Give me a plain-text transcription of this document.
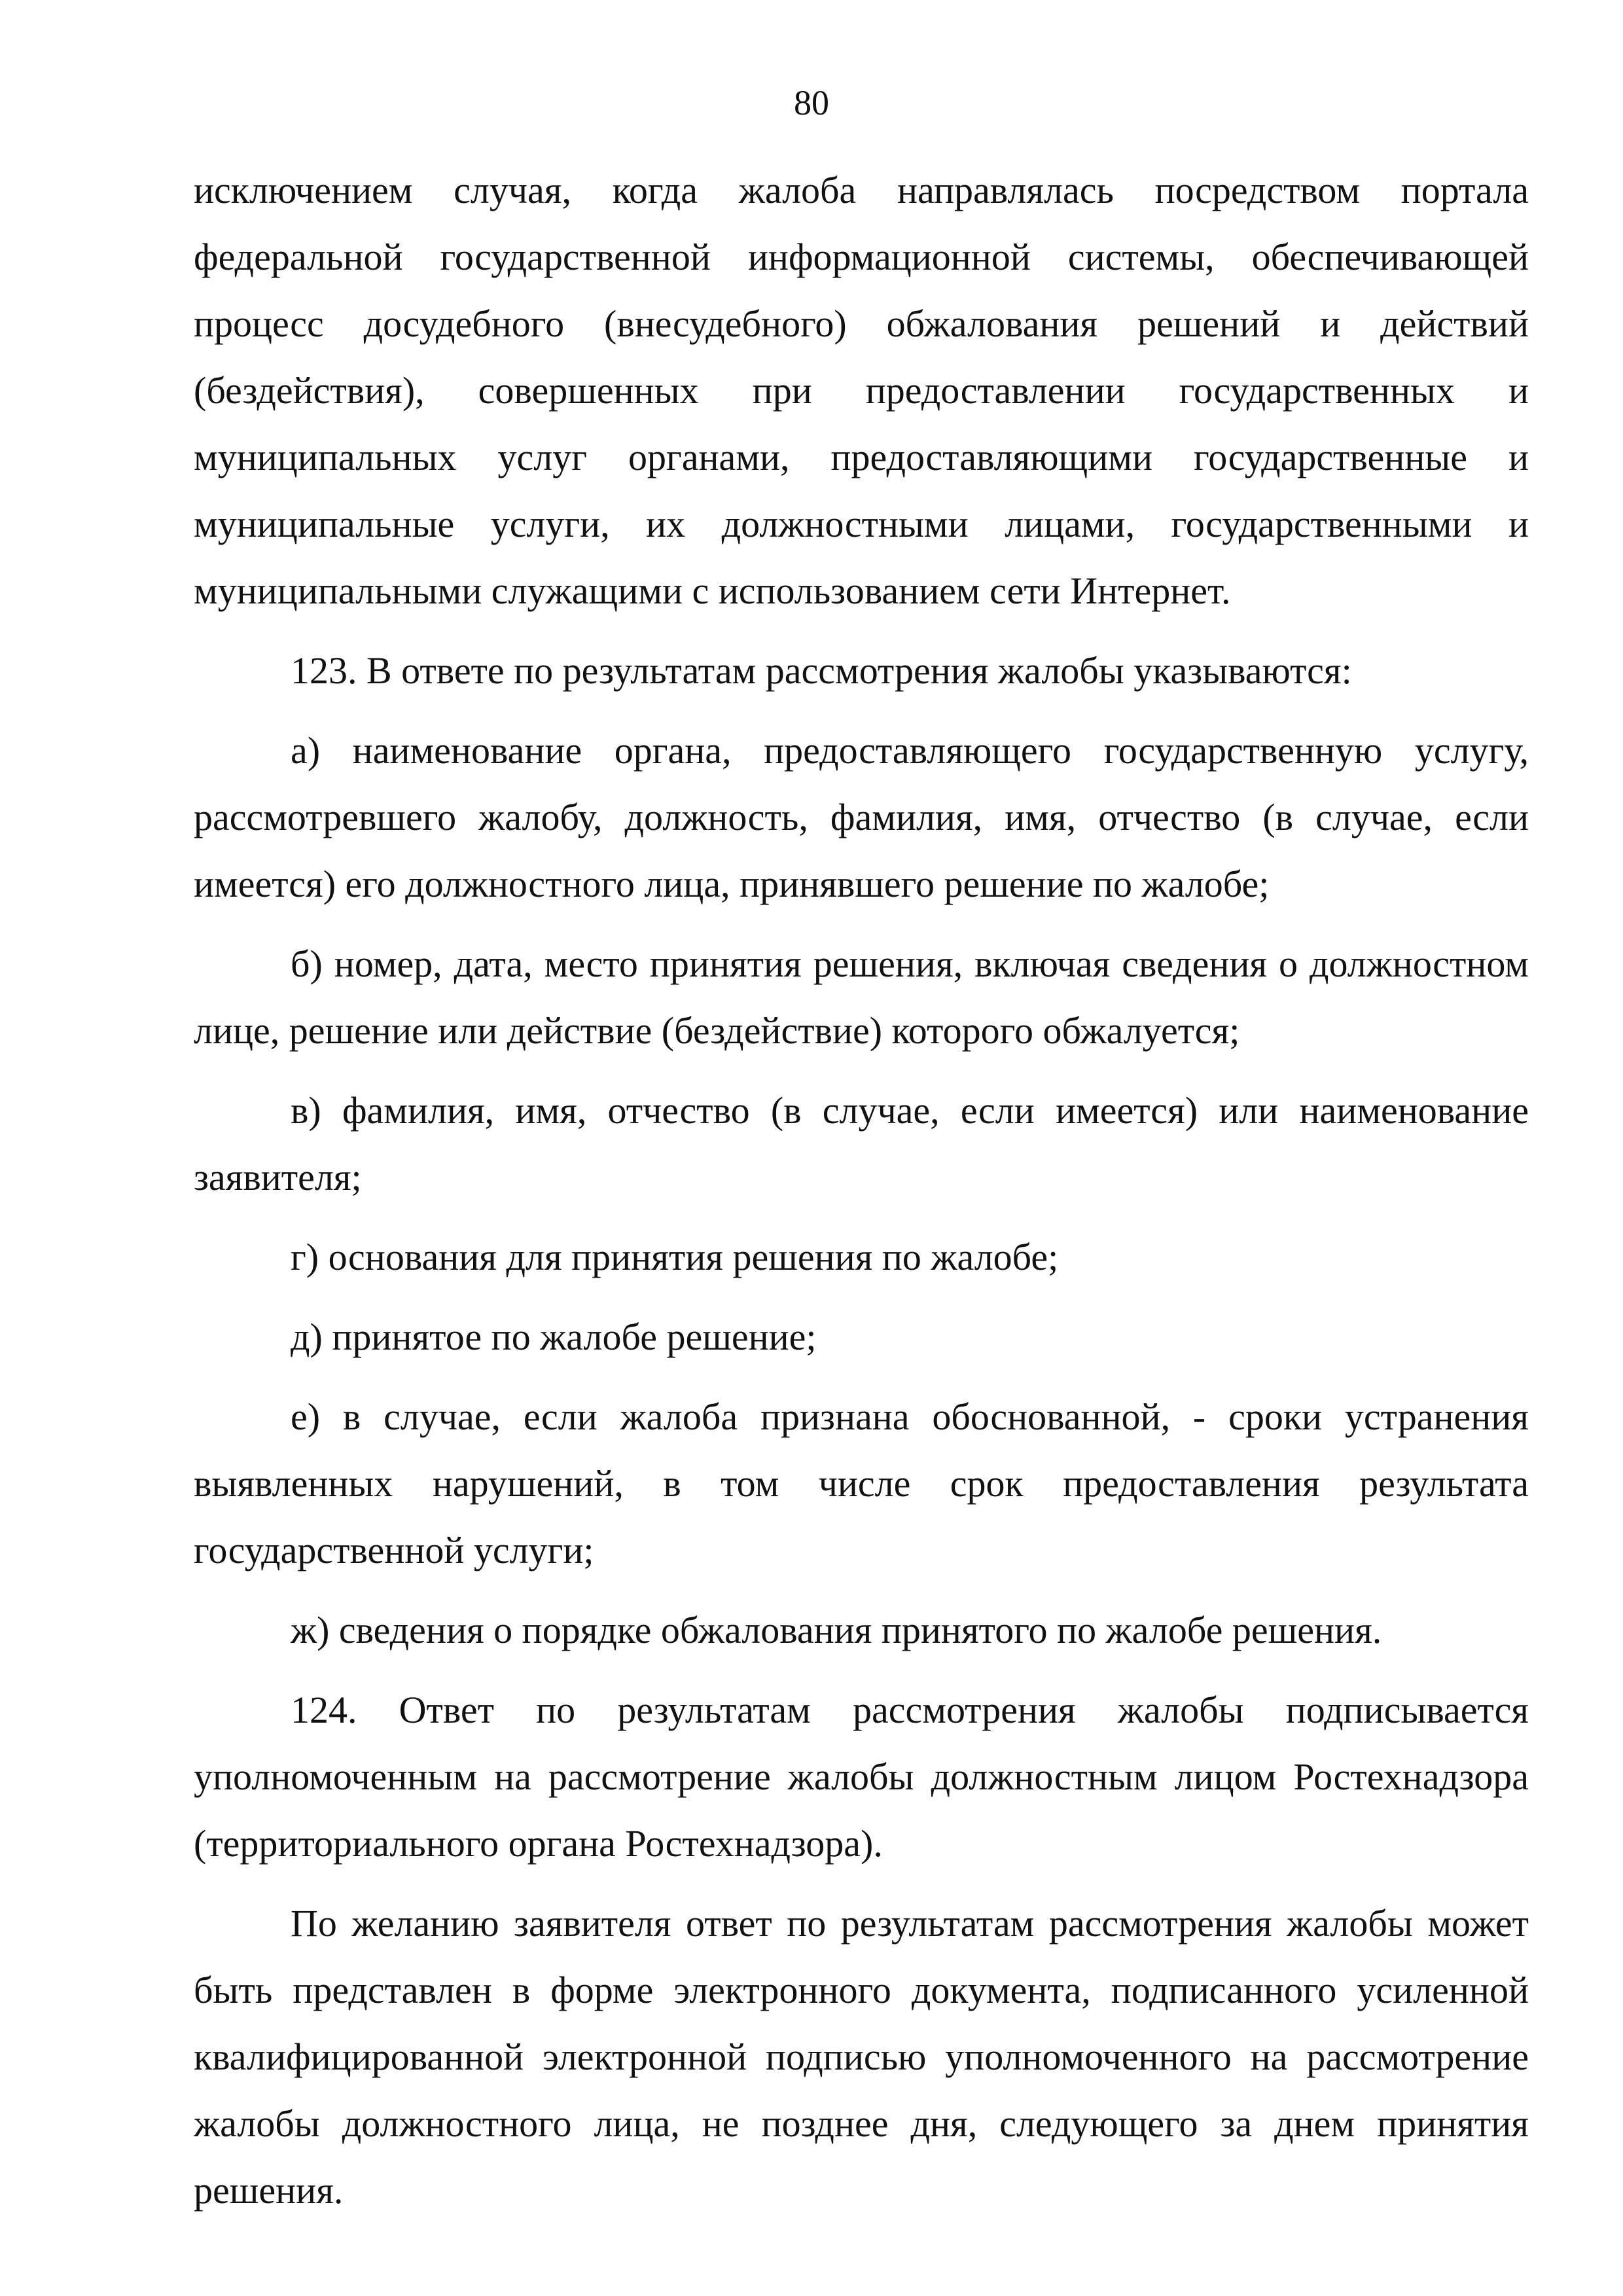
80

исключением случая, когда жалоба направлялась посредством портала федеральной государственной информационной системы, обеспечивающей процесс досудебного (внесудебного) обжалования решений и действий (бездействия), совершенных при предоставлении государственных и муниципальных услуг органами, предоставляющими государственные и муниципальные услуги, их должностными лицами, государственными и муниципальными служащими с использованием сети Интернет.

123. В ответе по результатам рассмотрения жалобы указываются:

а) наименование органа, предоставляющего государственную услугу, рассмотревшего жалобу, должность, фамилия, имя, отчество (в случае, если имеется) его должностного лица, принявшего решение по жалобе;

б) номер, дата, место принятия решения, включая сведения о должностном лице, решение или действие (бездействие) которого обжалуется;

в) фамилия, имя, отчество (в случае, если имеется) или наименование заявителя;

г) основания для принятия решения по жалобе;

д) принятое по жалобе решение;

е) в случае, если жалоба признана обоснованной, - сроки устранения выявленных нарушений, в том числе срок предоставления результата государственной услуги;

ж) сведения о порядке обжалования принятого по жалобе решения.

124. Ответ по результатам рассмотрения жалобы подписывается уполномоченным на рассмотрение жалобы должностным лицом Ростехнадзора (территориального органа Ростехнадзора).

По желанию заявителя ответ по результатам рассмотрения жалобы может быть представлен в форме электронного документа, подписанного усиленной квалифицированной электронной подписью уполномоченного на рассмотрение жалобы должностного лица, не позднее дня, следующего за днем принятия решения.
